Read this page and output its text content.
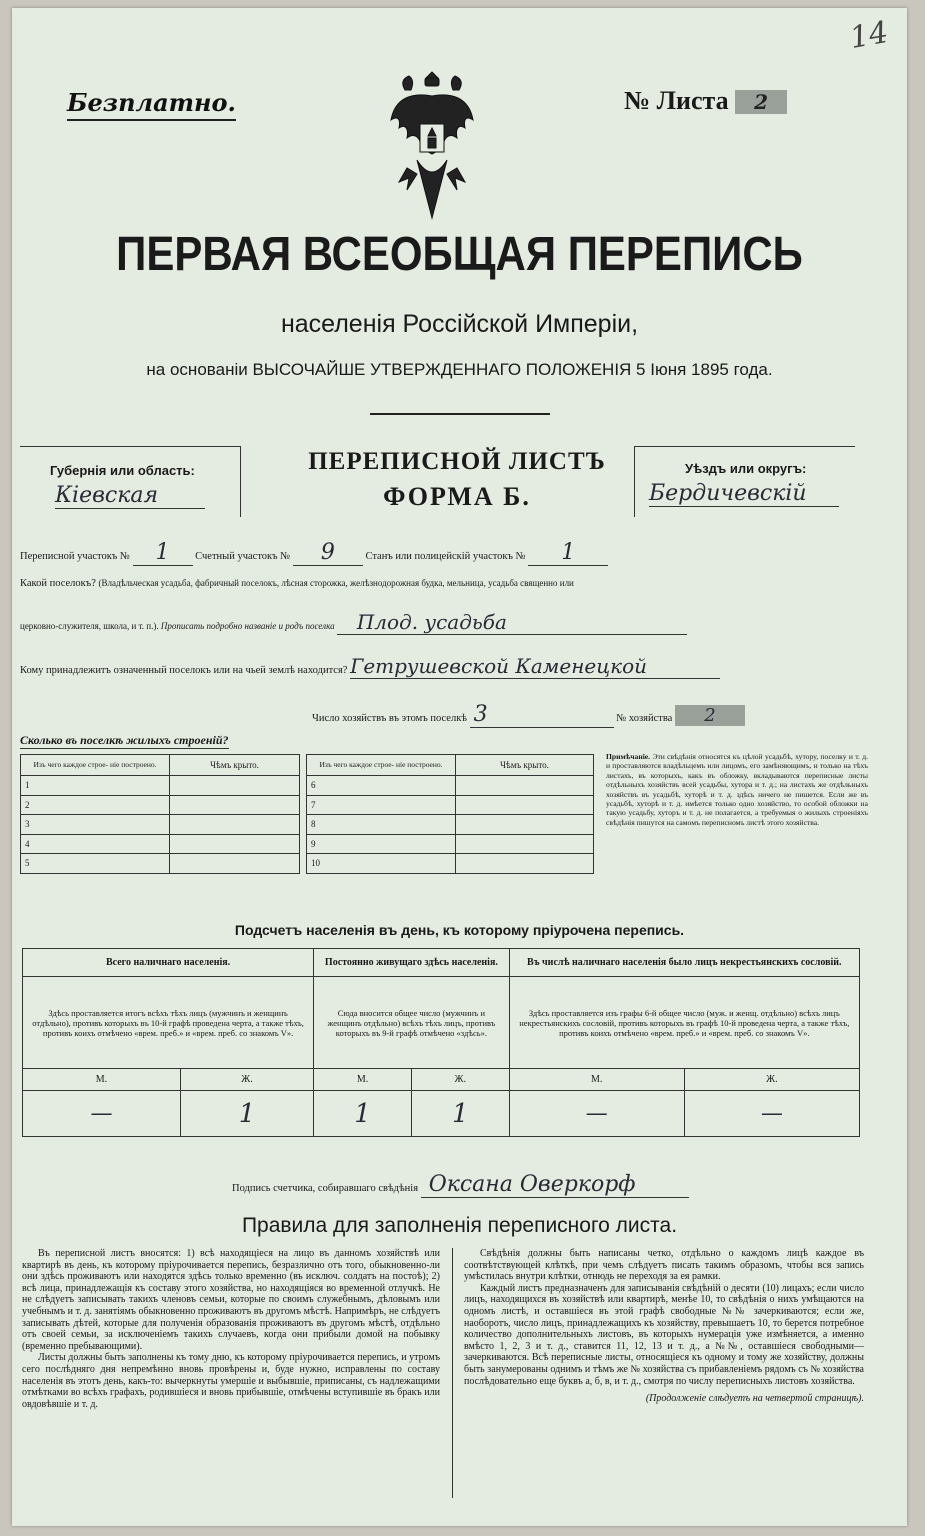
Безплатно.	№ Листа 2
14
ПЕРВАЯ ВСЕОБЩАЯ ПЕРЕПИСЬ
населенія Россійской Имперіи,
на основаніи ВЫСОЧАЙШЕ УТВЕРЖДЕННАГО ПОЛОЖЕНІЯ 5 Іюня 1895 года.
Губернія или область:
Кіевская
ПЕРЕПИСНОЙ ЛИСТЪ
ФОРМА Б.
Уѣздъ или округъ:
Бердичевскій
Переписной участокъ № 1 Счетный участокъ № 9	Станъ или полицейскій участокъ № 1
Какой поселокъ? (Владѣльческая усадьба, фабричный поселокъ, лѣсная сторожка, желѣзнодорожная будка, мельница, усадьба священно или
церковно-служителя, школа, и т. п.). Прописать подробно названіе и родъ поселка Плод. усадьба
Кому принадлежитъ означенный поселокъ или на чьей землѣ находится? Гетрушевской Каменецкой
Число хозяйствъ въ этомъ поселкѣ 3	№ хозяйства 2
Сколько въ поселкѣ жилыхъ строеній?
Изъ чего каждое строе- ніе построено.	Чѣмъ крыто.
1	
2	
3	
4	
5	
Изъ чего каждое строе- ніе построено.	Чѣмъ крыто.
6	
7	
8	
9	
10	
Примѣчаніе. Эти свѣдѣнія относятся къ цѣлой усадьбѣ, хутору, поселку и т. д. и проставляются владѣльцемъ или лицомъ, его замѣняющимъ, и только на тѣхъ листахъ, въ которыхъ, какъ въ обложку, вкладываются переписные листы отдѣльныхъ хозяйствъ всей усадьбы, хутора и т. д.; на листахъ же отдѣльныхъ хозяйствъ въ усадьбѣ, хуторѣ и т. д. здѣсь ничего не пишется. Если же въ усадьбѣ, хуторѣ и т. д. имѣется только одно хозяйство, то особой обложки на такую усадьбу, хуторъ и т. д. не полагается, а требуемыя о жилыхъ строеніяхъ свѣдѣнія пишутся на самомъ переписномъ листѣ этого хозяйства.
Подсчетъ населенія въ день, къ которому пріурочена перепись.
Всего наличнаго населенія.		Постоянно живущаго здѣсь населенія.		Въ числѣ наличнаго населенія было лицъ некрестьянскихъ сословій.	
Здѣсь проставляется итогъ всѣхъ тѣхъ лицъ (мужчинъ и женщинъ отдѣльно), противъ которыхъ въ 10-й графѣ проведена черта, а также тѣхъ, противъ коихъ отмѣчено «врем. преб.» и «врем. преб. со знакомъ V».		Сюда вносится общее число (мужчинъ и женщинъ отдѣльно) всѣхъ тѣхъ лицъ, противъ которыхъ въ 9-й графѣ отмѣчено «здѣсь».		Здѣсь проставляется изъ графы 6-й общее число (муж. и женщ. отдѣльно) всѣхъ лицъ некрестьянскихъ сословій, противъ которыхъ въ графѣ 10-й проведена черта, а также тѣхъ, противъ коихъ отмѣчено «врем. преб.» и «врем. преб. со знакомъ V».	
М.	Ж.	М.	Ж.	М.	Ж.
—	1	1	1	—	—
Подпись счетчика, собиравшаго свѣдѣнія Оксана Оверкорф
Правила для заполненія переписного листа.

Въ переписной листъ вносятся: 1) всѣ находящіеся на лицо въ данномъ хозяйствѣ или квартирѣ въ день, къ которому пріурочивается перепись, безразлично отъ того, обыкновенно-ли они здѣсь проживаютъ или находятся здѣсь только временно (въ исключ. солдатъ на постоѣ); 2) всѣ лица, принадлежащія къ составу этого хозяйства, но находящіяся во временной отлучкѣ. Не не слѣдуетъ записывать такихъ членовъ семьи, которые по своимъ служебнымъ, дѣловымъ или учебнымъ и т. д. занятіямъ обыкновенно проживаютъ въ другомъ мѣстѣ. Напримѣръ, не слѣдуетъ записывать дѣтей, которые для полученія образованія проживаютъ въ другомъ мѣстѣ, отдѣльно отъ своей семьи, за исключеніемъ такихъ случаевъ, когда они прибыли домой на побывку (временно пребывающими).

Листы должны быть заполнены къ тому дню, къ которому пріурочивается перепись, и утромъ сего послѣдняго дня непремѣнно вновь провѣрены и, буде нужно, исправлены по составу населенія въ этотъ день, какъ-то: вычеркнуты умершіе и выбывшіе, приписаны, съ надлежащими отмѣтками во всѣхъ графахъ, родившіеся и вновь прибывшіе, отмѣчены вступившіе въ бракъ или овдовѣвшіе и т. д.

Свѣдѣнія должны быть написаны четко, отдѣльно о каждомъ лицѣ каждое въ соотвѣтствующей клѣткѣ, при чемъ слѣдуетъ писать такимъ образомъ, чтобы вся запись умѣстилась внутри клѣтки, отнюдь не переходя за ея рамки.

Каждый листъ предназначенъ для записыванія свѣдѣній о десяти (10) лицахъ; если число лицъ, находящихся въ хозяйствѣ или квартирѣ, менѣе 10, то свѣдѣнія о нихъ умѣщаются на одномъ листѣ, и оставшіеся въ этой графѣ свободные №№ зачеркиваются; если же, наоборотъ, число лицъ, принадлежащихъ къ хозяйству, превышаетъ 10, то берется потребное количество дополнительныхъ листовъ, въ которыхъ нумерація уже измѣняется, а именно вмѣсто 1, 2, 3 и т. д., ставится 11, 12, 13 и т. д., а №№, оставшіеся свободными—зачеркиваются. Всѣ переписные листы, относящіеся къ одному и тому же хозяйству, должны быть занумерованы однимъ и тѣмъ же № хозяйства съ прибавленіемъ рядомъ съ № хозяйства послѣдовательно еще буквъ а, б, в, и т. д., смотря по числу переписныхъ листовъ хозяйства.

(Продолженіе слѣдуетъ на четвертой страницѣ).
